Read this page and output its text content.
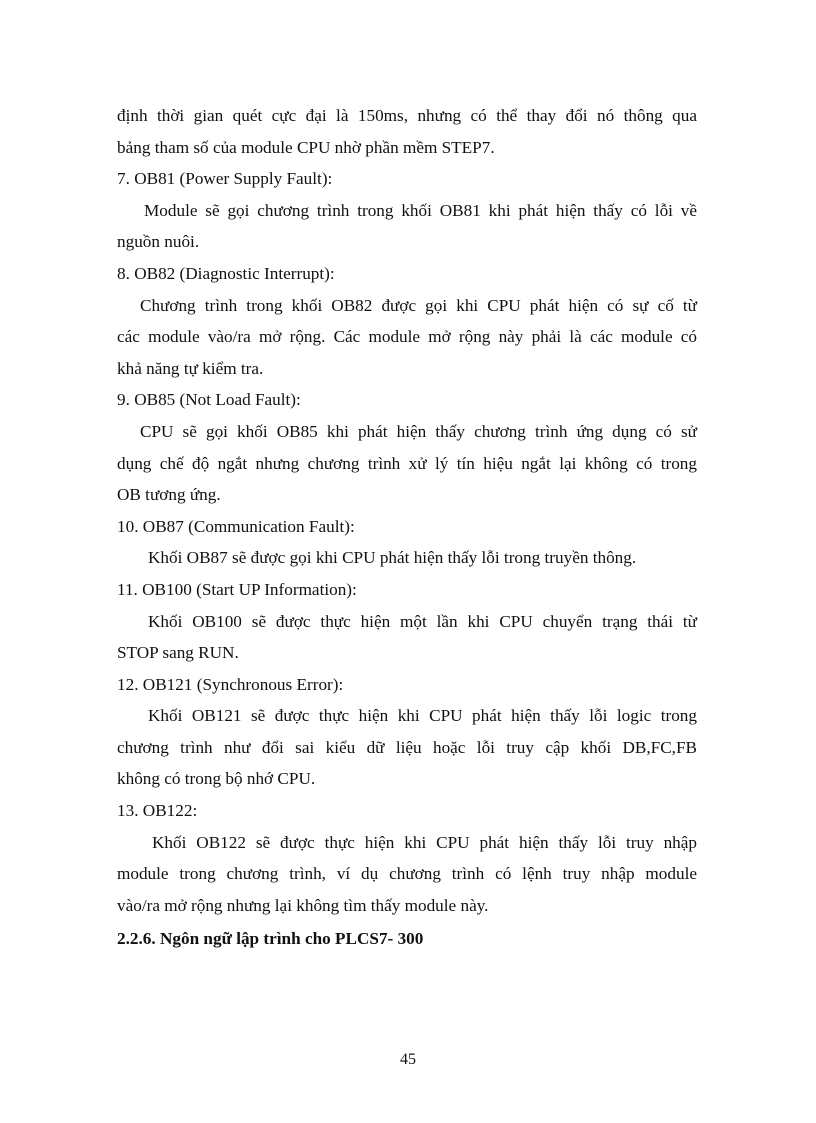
định thời gian quét cực đại là 150ms, nhưng có thể thay đổi nó thông qua
bảng tham số của module CPU nhờ phần mềm STEP7.
7. OB81 (Power Supply Fault):
Module sẽ gọi chương trình trong khối OB81 khi phát hiện thấy có lỗi về
nguồn nuôi.
8. OB82 (Diagnostic Interrupt):
Chương trình trong khối OB82 được gọi khi CPU phát hiện có sự cố từ
các module vào/ra mở rộng. Các module mở rộng này phải là các module có
khả năng tự kiểm tra.
9. OB85 (Not Load Fault):
CPU sẽ gọi khối OB85 khi phát hiện thấy chương trình ứng dụng có sử
dụng chế độ ngắt nhưng chương trình xử lý tín hiệu ngắt lại không có trong
OB tương ứng.
10. OB87 (Communication Fault):
Khối OB87 sẽ được gọi khi CPU phát hiện thấy lỗi trong truyền thông.
11. OB100 (Start UP Information):
Khối OB100 sẽ được thực hiện một lần khi CPU chuyển trạng thái từ
STOP sang RUN.
12. OB121 (Synchronous Error):
Khối OB121 sẽ được thực hiện khi CPU phát hiện thấy lỗi logic trong
chương trình như đổi sai kiểu dữ liệu hoặc lỗi truy cập khối DB,FC,FB
không có trong bộ nhớ CPU.
13. OB122:
Khối OB122 sẽ được thực hiện khi CPU phát hiện thấy lỗi truy nhập
module trong chương trình, ví dụ chương trình có lệnh truy nhập module
vào/ra mở rộng nhưng lại không tìm thấy module này.
2.2.6. Ngôn ngữ lập trình cho PLCS7- 300
45
